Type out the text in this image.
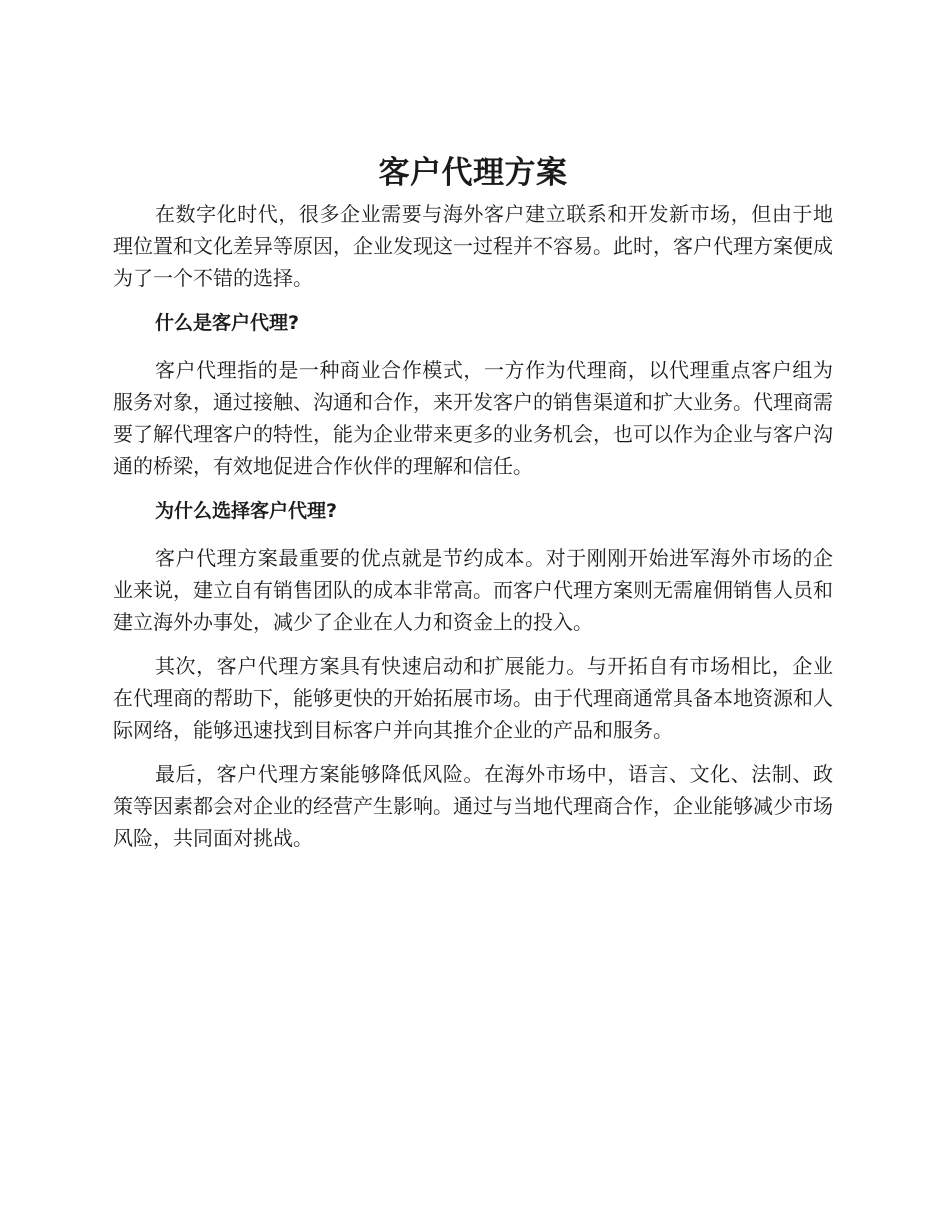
客户代理方案

在数字化时代，很多企业需要与海外客户建立联系和开发新市场，但由于地理位置和文化差异等原因，企业发现这一过程并不容易。此时，客户代理方案便成为了一个不错的选择。

什么是客户代理?

客户代理指的是一种商业合作模式，一方作为代理商，以代理重点客户组为服务对象，通过接触、沟通和合作，来开发客户的销售渠道和扩大业务。代理商需要了解代理客户的特性，能为企业带来更多的业务机会，也可以作为企业与客户沟通的桥梁，有效地促进合作伙伴的理解和信任。

为什么选择客户代理?

客户代理方案最重要的优点就是节约成本。对于刚刚开始进军海外市场的企业来说，建立自有销售团队的成本非常高。而客户代理方案则无需雇佣销售人员和建立海外办事处，减少了企业在人力和资金上的投入。

其次，客户代理方案具有快速启动和扩展能力。与开拓自有市场相比，企业在代理商的帮助下，能够更快的开始拓展市场。由于代理商通常具备本地资源和人际网络，能够迅速找到目标客户并向其推介企业的产品和服务。

最后，客户代理方案能够降低风险。在海外市场中，语言、文化、法制、政策等因素都会对企业的经营产生影响。通过与当地代理商合作，企业能够减少市场风险，共同面对挑战。
